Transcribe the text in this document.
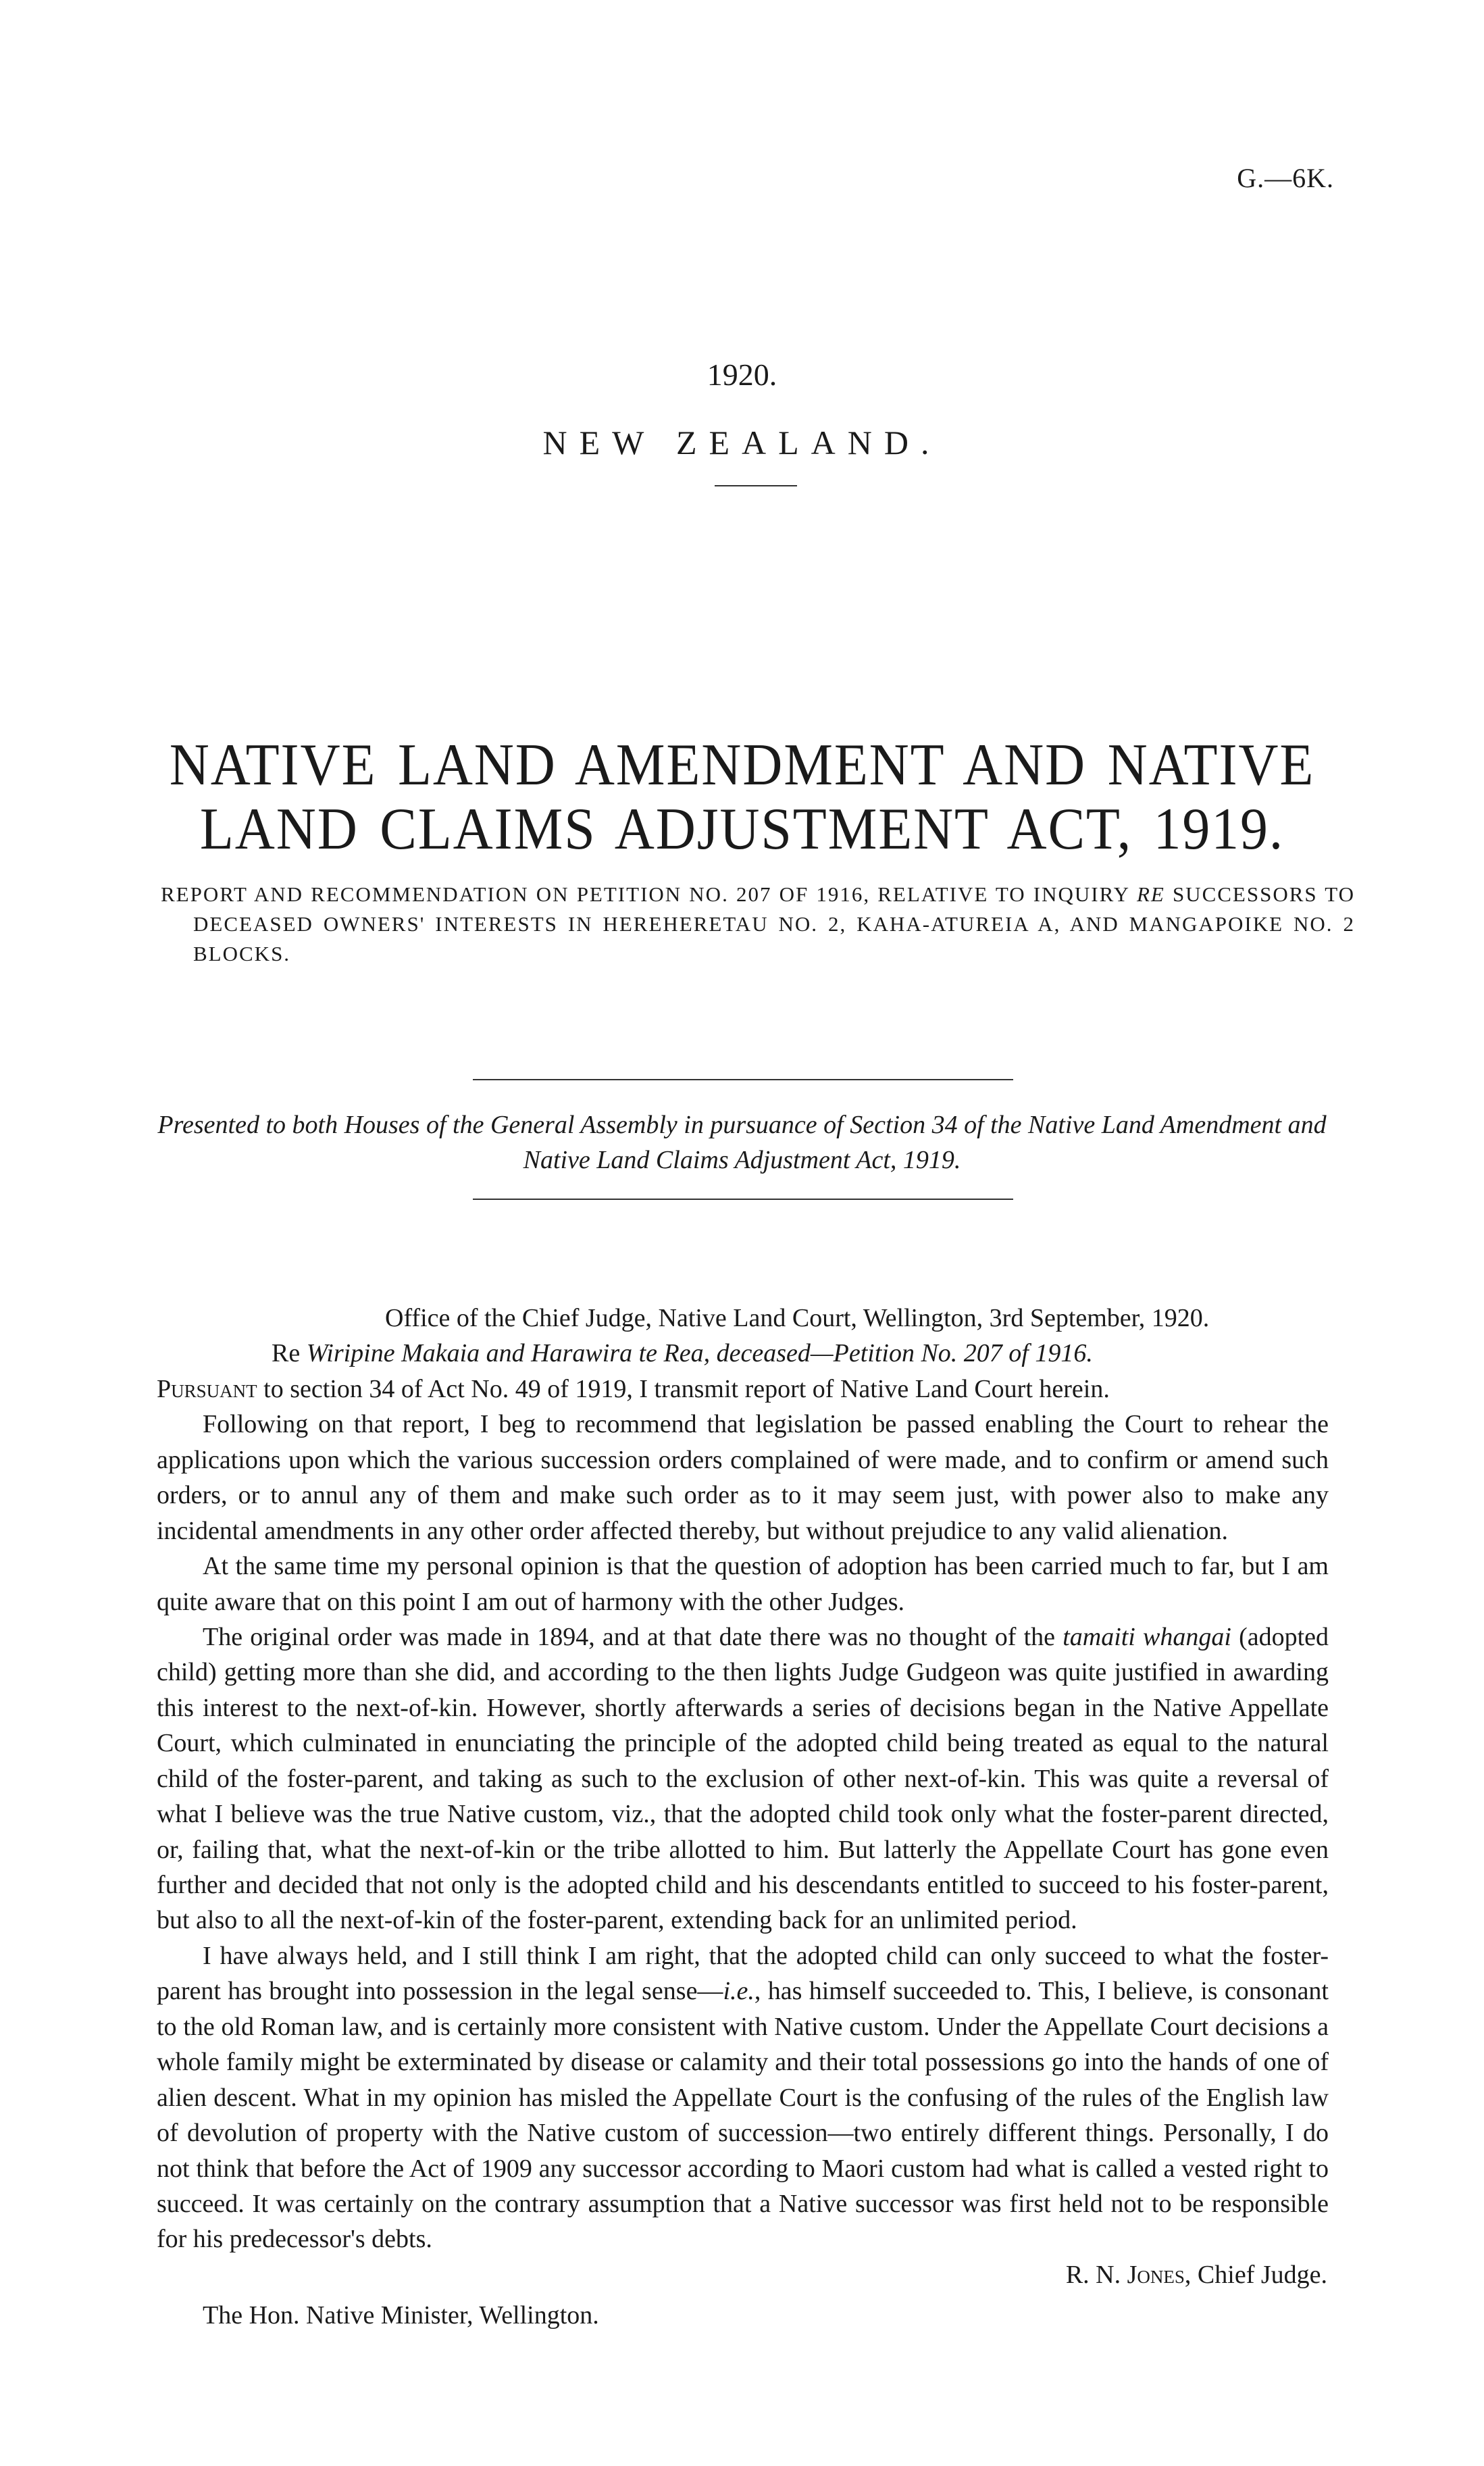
G.—6K.
1920.
NEW ZEALAND.
NATIVE LAND AMENDMENT AND NATIVE LAND CLAIMS ADJUSTMENT ACT, 1919.
REPORT AND RECOMMENDATION ON PETITION NO. 207 OF 1916, RELATIVE TO INQUIRY RE SUCCESSORS TO DECEASED OWNERS' INTERESTS IN HEREHERETAU NO. 2, KAHA-ATUREIA A, AND MANGAPOIKE NO. 2 BLOCKS.
Presented to both Houses of the General Assembly in pursuance of Section 34 of the Native Land Amendment and Native Land Claims Adjustment Act, 1919.

Office of the Chief Judge, Native Land Court, Wellington, 3rd September, 1920.

Re Wiripine Makaia and Harawira te Rea, deceased—Petition No. 207 of 1916.

Pursuant to section 34 of Act No. 49 of 1919, I transmit report of Native Land Court herein.

Following on that report, I beg to recommend that legislation be passed enabling the Court to rehear the applications upon which the various succession orders complained of were made, and to confirm or amend such orders, or to annul any of them and make such order as to it may seem just, with power also to make any incidental amendments in any other order affected thereby, but without prejudice to any valid alienation.

At the same time my personal opinion is that the question of adoption has been carried much to far, but I am quite aware that on this point I am out of harmony with the other Judges.

The original order was made in 1894, and at that date there was no thought of the tamaiti whangai (adopted child) getting more than she did, and according to the then lights Judge Gudgeon was quite justified in awarding this interest to the next-of-kin. However, shortly afterwards a series of decisions began in the Native Appellate Court, which culminated in enunciating the principle of the adopted child being treated as equal to the natural child of the foster-parent, and taking as such to the exclusion of other next-of-kin. This was quite a reversal of what I believe was the true Native custom, viz., that the adopted child took only what the foster-parent directed, or, failing that, what the next-of-kin or the tribe allotted to him. But latterly the Appellate Court has gone even further and decided that not only is the adopted child and his descendants entitled to succeed to his foster-parent, but also to all the next-of-kin of the foster-parent, extending back for an unlimited period.

I have always held, and I still think I am right, that the adopted child can only succeed to what the foster-parent has brought into possession in the legal sense—i.e., has himself succeeded to. This, I believe, is consonant to the old Roman law, and is certainly more consistent with Native custom. Under the Appellate Court decisions a whole family might be exterminated by disease or calamity and their total possessions go into the hands of one of alien descent. What in my opinion has misled the Appellate Court is the confusing of the rules of the English law of devolution of property with the Native custom of succession—two entirely different things. Personally, I do not think that before the Act of 1909 any successor according to Maori custom had what is called a vested right to succeed. It was certainly on the contrary assumption that a Native successor was first held not to be responsible for his predecessor's debts.

R. N. Jones, Chief Judge.

The Hon. Native Minister, Wellington.
